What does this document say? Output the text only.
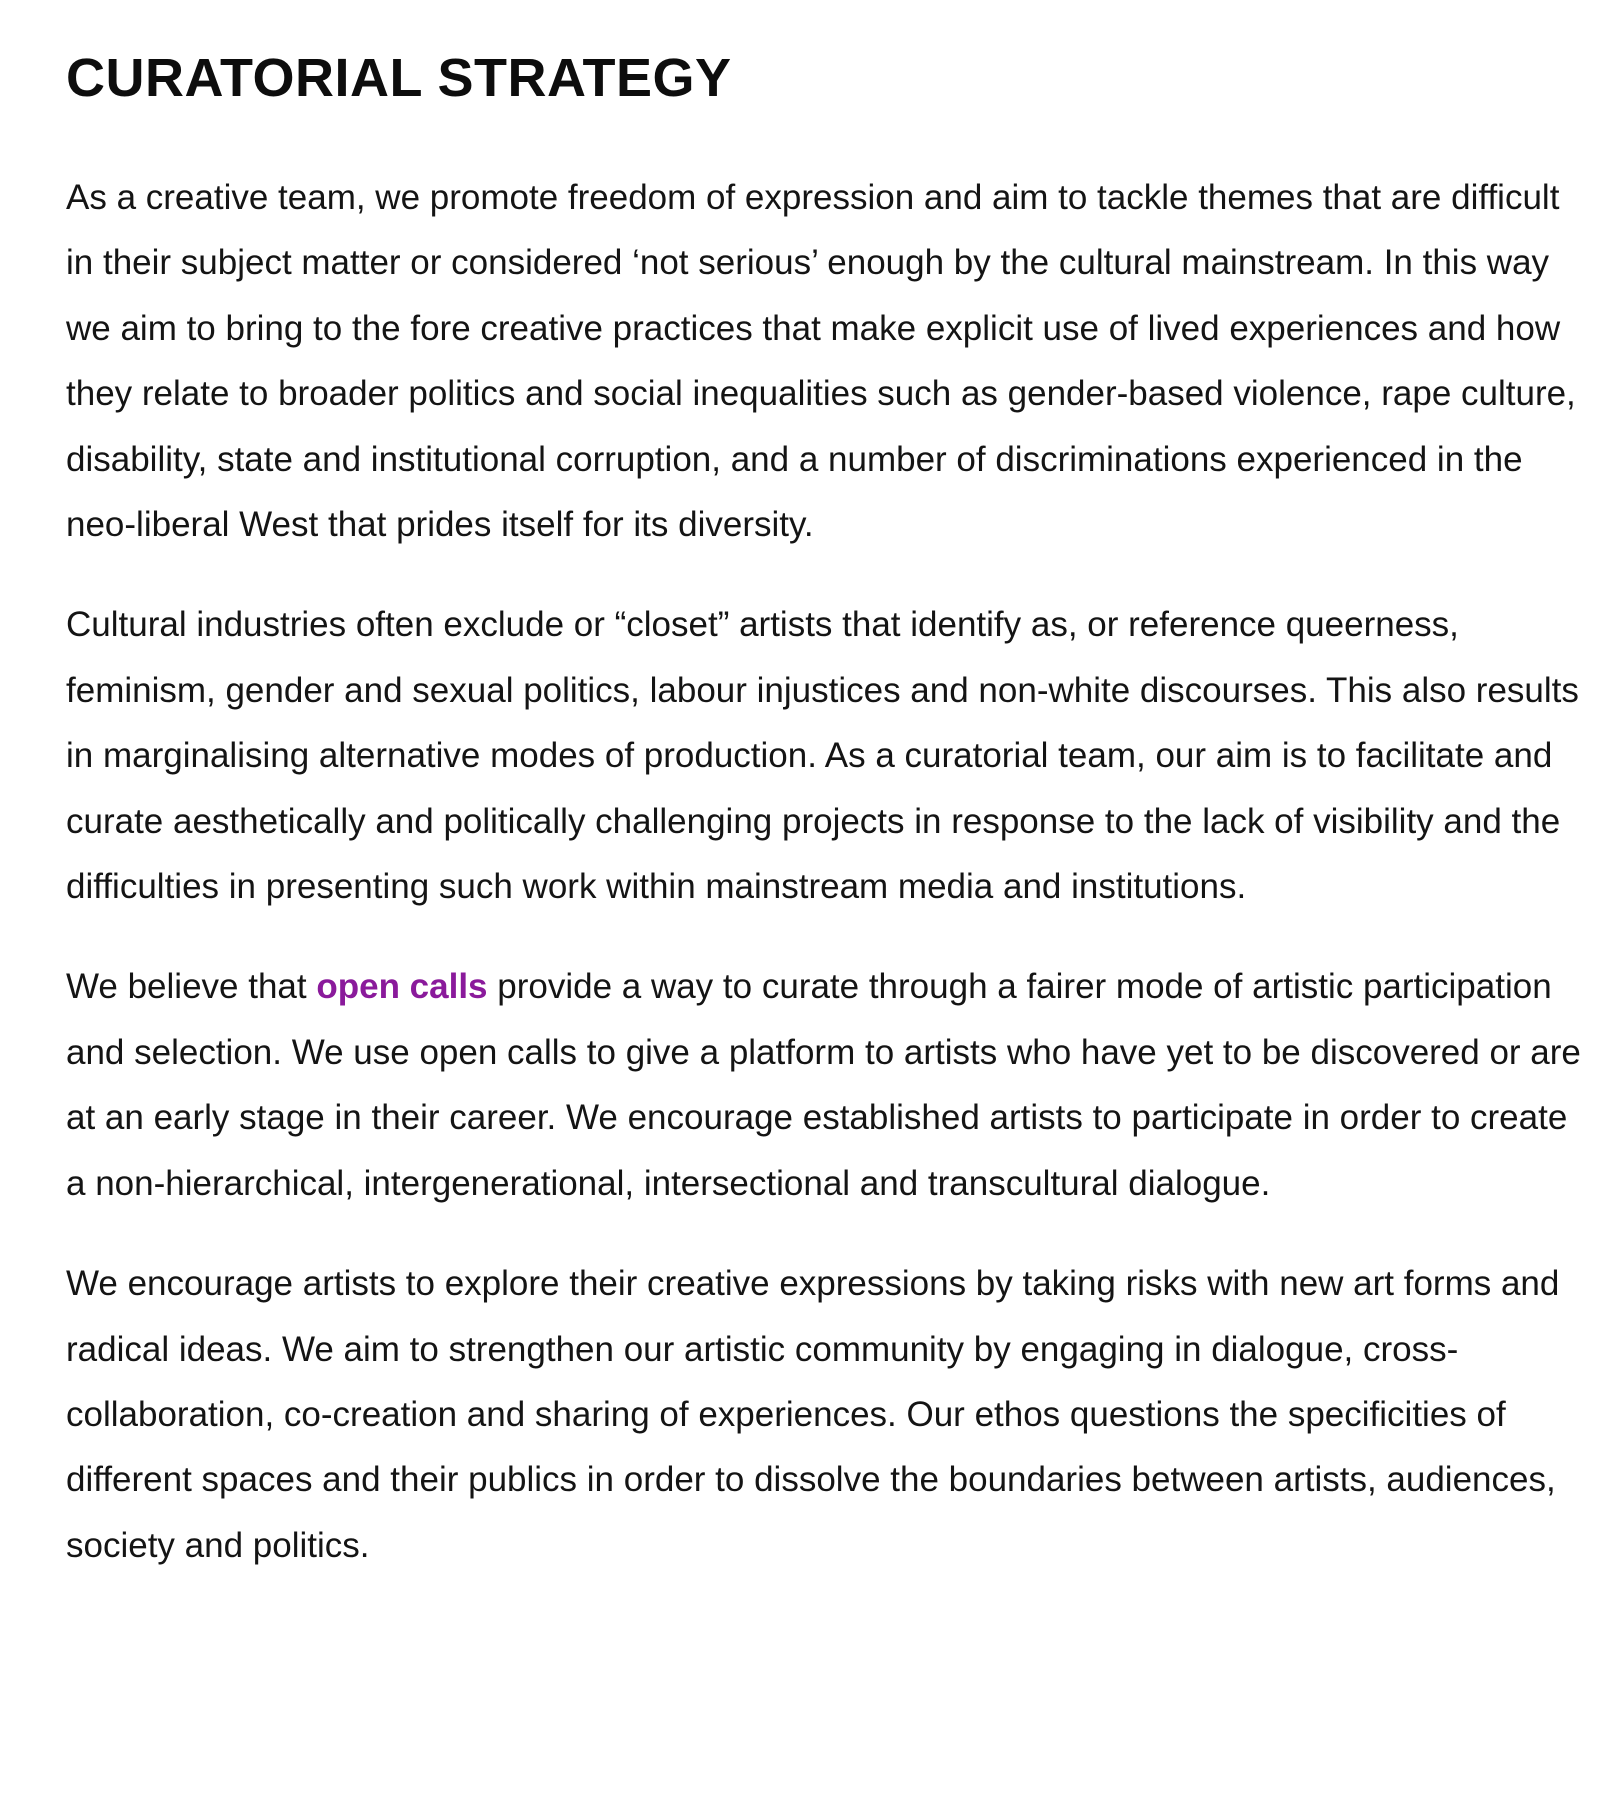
CURATORIAL STRATEGY

As a creative team, we promote freedom of expression and aim to tackle themes that are difficult in their subject matter or considered ‘not serious’ enough by the cultural mainstream. In this way we aim to bring to the fore creative practices that make explicit use of lived experiences and how they relate to broader politics and social inequalities such as gender-based violence, rape culture, disability, state and institutional corruption, and a number of discriminations experienced in the neo-liberal West that prides itself for its diversity.

Cultural industries often exclude or “closet” artists that identify as, or reference queerness, feminism, gender and sexual politics, labour injustices and non-white discourses. This also results in marginalising alternative modes of production. As a curatorial team, our aim is to facilitate and curate aesthetically and politically challenging projects in response to the lack of visibility and the difficulties in presenting such work within mainstream media and institutions.

We believe that open calls provide a way to curate through a fairer mode of artistic participation and selection. We use open calls to give a platform to artists who have yet to be discovered or are at an early stage in their career. We encourage established artists to participate in order to create a non-hierarchical, intergenerational, intersectional and transcultural dialogue.

We encourage artists to explore their creative expressions by taking risks with new art forms and radical ideas. We aim to strengthen our artistic community by engaging in dialogue, cross-collaboration, co-creation and sharing of experiences. Our ethos questions the specificities of different spaces and their publics in order to dissolve the boundaries between artists, audiences, society and politics.
